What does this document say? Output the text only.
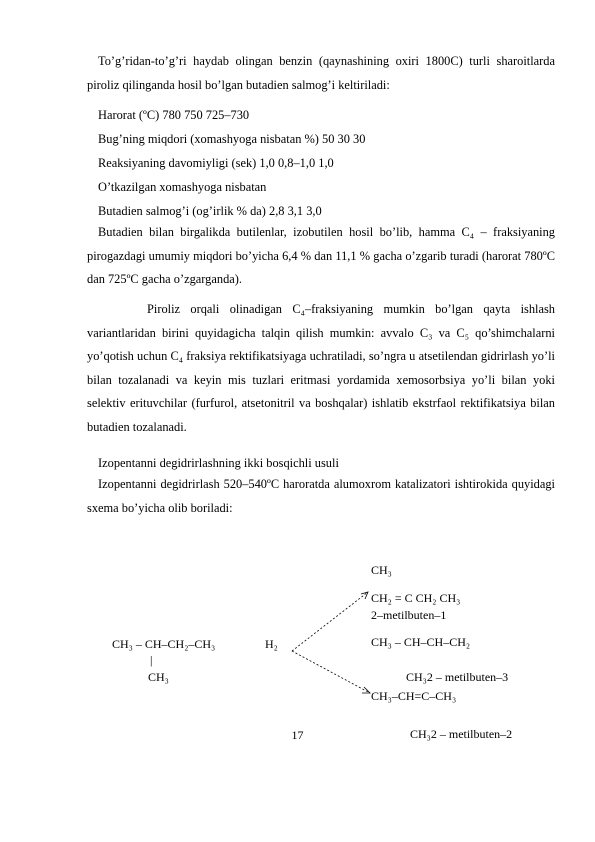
To’g’ridan-to’g’ri haydab olingan benzin (qaynashining oxiri 1800C) turli sharoitlarda piroliz qilinganda hosil bo’lgan butadien salmog’i keltiriladi:

Harorat (ºC) 780 750 725–730
Bug’ning miqdori (xomashyoga nisbatan %) 50 30 30
Reaksiyaning davomiyligi (sek) 1,0 0,8–1,0 1,0
O’tkazilgan xomashyoga nisbatan
Butadien salmog’i (og’irlik % da) 2,8 3,1 3,0

Butadien bilan birgalikda butilenlar, izobutilen hosil bo’lib, hamma C₄ – fraksiyaning pirogazdagi umumiy miqdori bo’yicha 6,4 % dan 11,1 % gacha o’zgarib turadi (harorat 780ºC dan 725ºC gacha o’zgarganda).

Piroliz orqali olinadigan C₄–fraksiyaning mumkin bo’lgan qayta ishlash variantlaridan birini quyidagicha talqin qilish mumkin: avvalo C₃ va C₅ qo’shimchalarni yo’qotish uchun C₄ fraksiya rektifikatsiyaga uchratiladi, so’ngra u atsetilendan gidrirlash yo’li bilan tozalanadi va keyin mis tuzlari eritmasi yordamida xemosorbsiya yo’li bilan yoki selektiv erituvchilar (furfurol, atsetonitril va boshqalar) ishlatib ekstrfaol rektifikatsiya bilan butadien tozalanadi.

Izopentanni degidrirlashning ikki bosqichli usuli

Izopentanni degidrirlash 520–540ºC haroratda alumoxrom katalizatori ishtirokida quyidagi sxema bo’yicha olib boriladi:

CH₃ – CH–CH₂–CH₃
|
CH₃
H₂
CH₃
CH₂ = C CH₂ CH₃
2–metilbuten–1
CH₃ – CH–CH–CH₂
CH₃2 – metilbuten–3
CH₃–CH=C–CH₃
CH₃2 – metilbuten–2
17
